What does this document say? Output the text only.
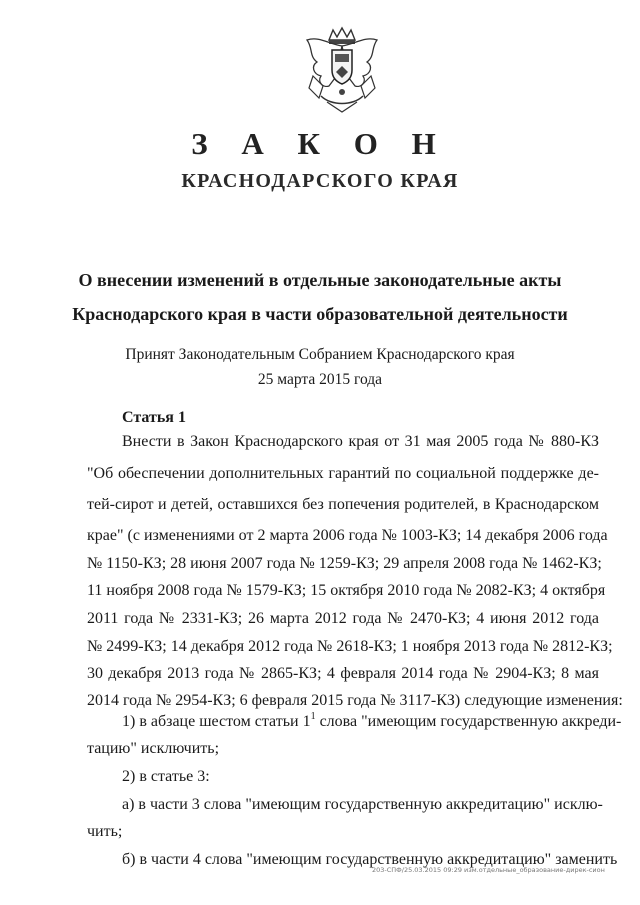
З А К О Н
КРАСНОДАРСКОГО КРАЯ
О внесении изменений в отдельные законодательные акты
Краснодарского края в части образовательной деятельности
Принят Законодательным Собранием Краснодарского края
25 марта 2015 года
Статья 1
Внести в Закон Краснодарского края от 31 мая 2005 года № 880-КЗ
"Об обеспечении дополнительных гарантий по социальной поддержке де-
тей-сирот и детей, оставшихся без попечения родителей, в Краснодарском
крае" (с изменениями от 2 марта 2006 года № 1003-КЗ; 14 декабря 2006 года
№ 1150-КЗ; 28 июня 2007 года № 1259-КЗ; 29 апреля 2008 года № 1462-КЗ;
11 ноября 2008 года № 1579-КЗ; 15 октября 2010 года № 2082-КЗ; 4 октября
2011 года № 2331-КЗ; 26 марта 2012 года № 2470-КЗ; 4 июня 2012 года
№ 2499-КЗ; 14 декабря 2012 года № 2618-КЗ; 1 ноября 2013 года № 2812-КЗ;
30 декабря 2013 года № 2865-КЗ; 4 февраля 2014 года № 2904-КЗ; 8 мая
2014 года № 2954-КЗ; 6 февраля 2015 года № 3117-КЗ) следующие изменения:
1) в абзаце шестом статьи $1^1$ слова "имеющим государственную аккреди-
тацию" исключить;
2) в статье 3:
а) в части 3 слова "имеющим государственную аккредитацию" исклю-
203-СПФ/25.03.2015 09:29 изм.отдельные_образование-дирек-сион
чить;
б) в части 4 слова "имеющим государственную аккредитацию" заменить
